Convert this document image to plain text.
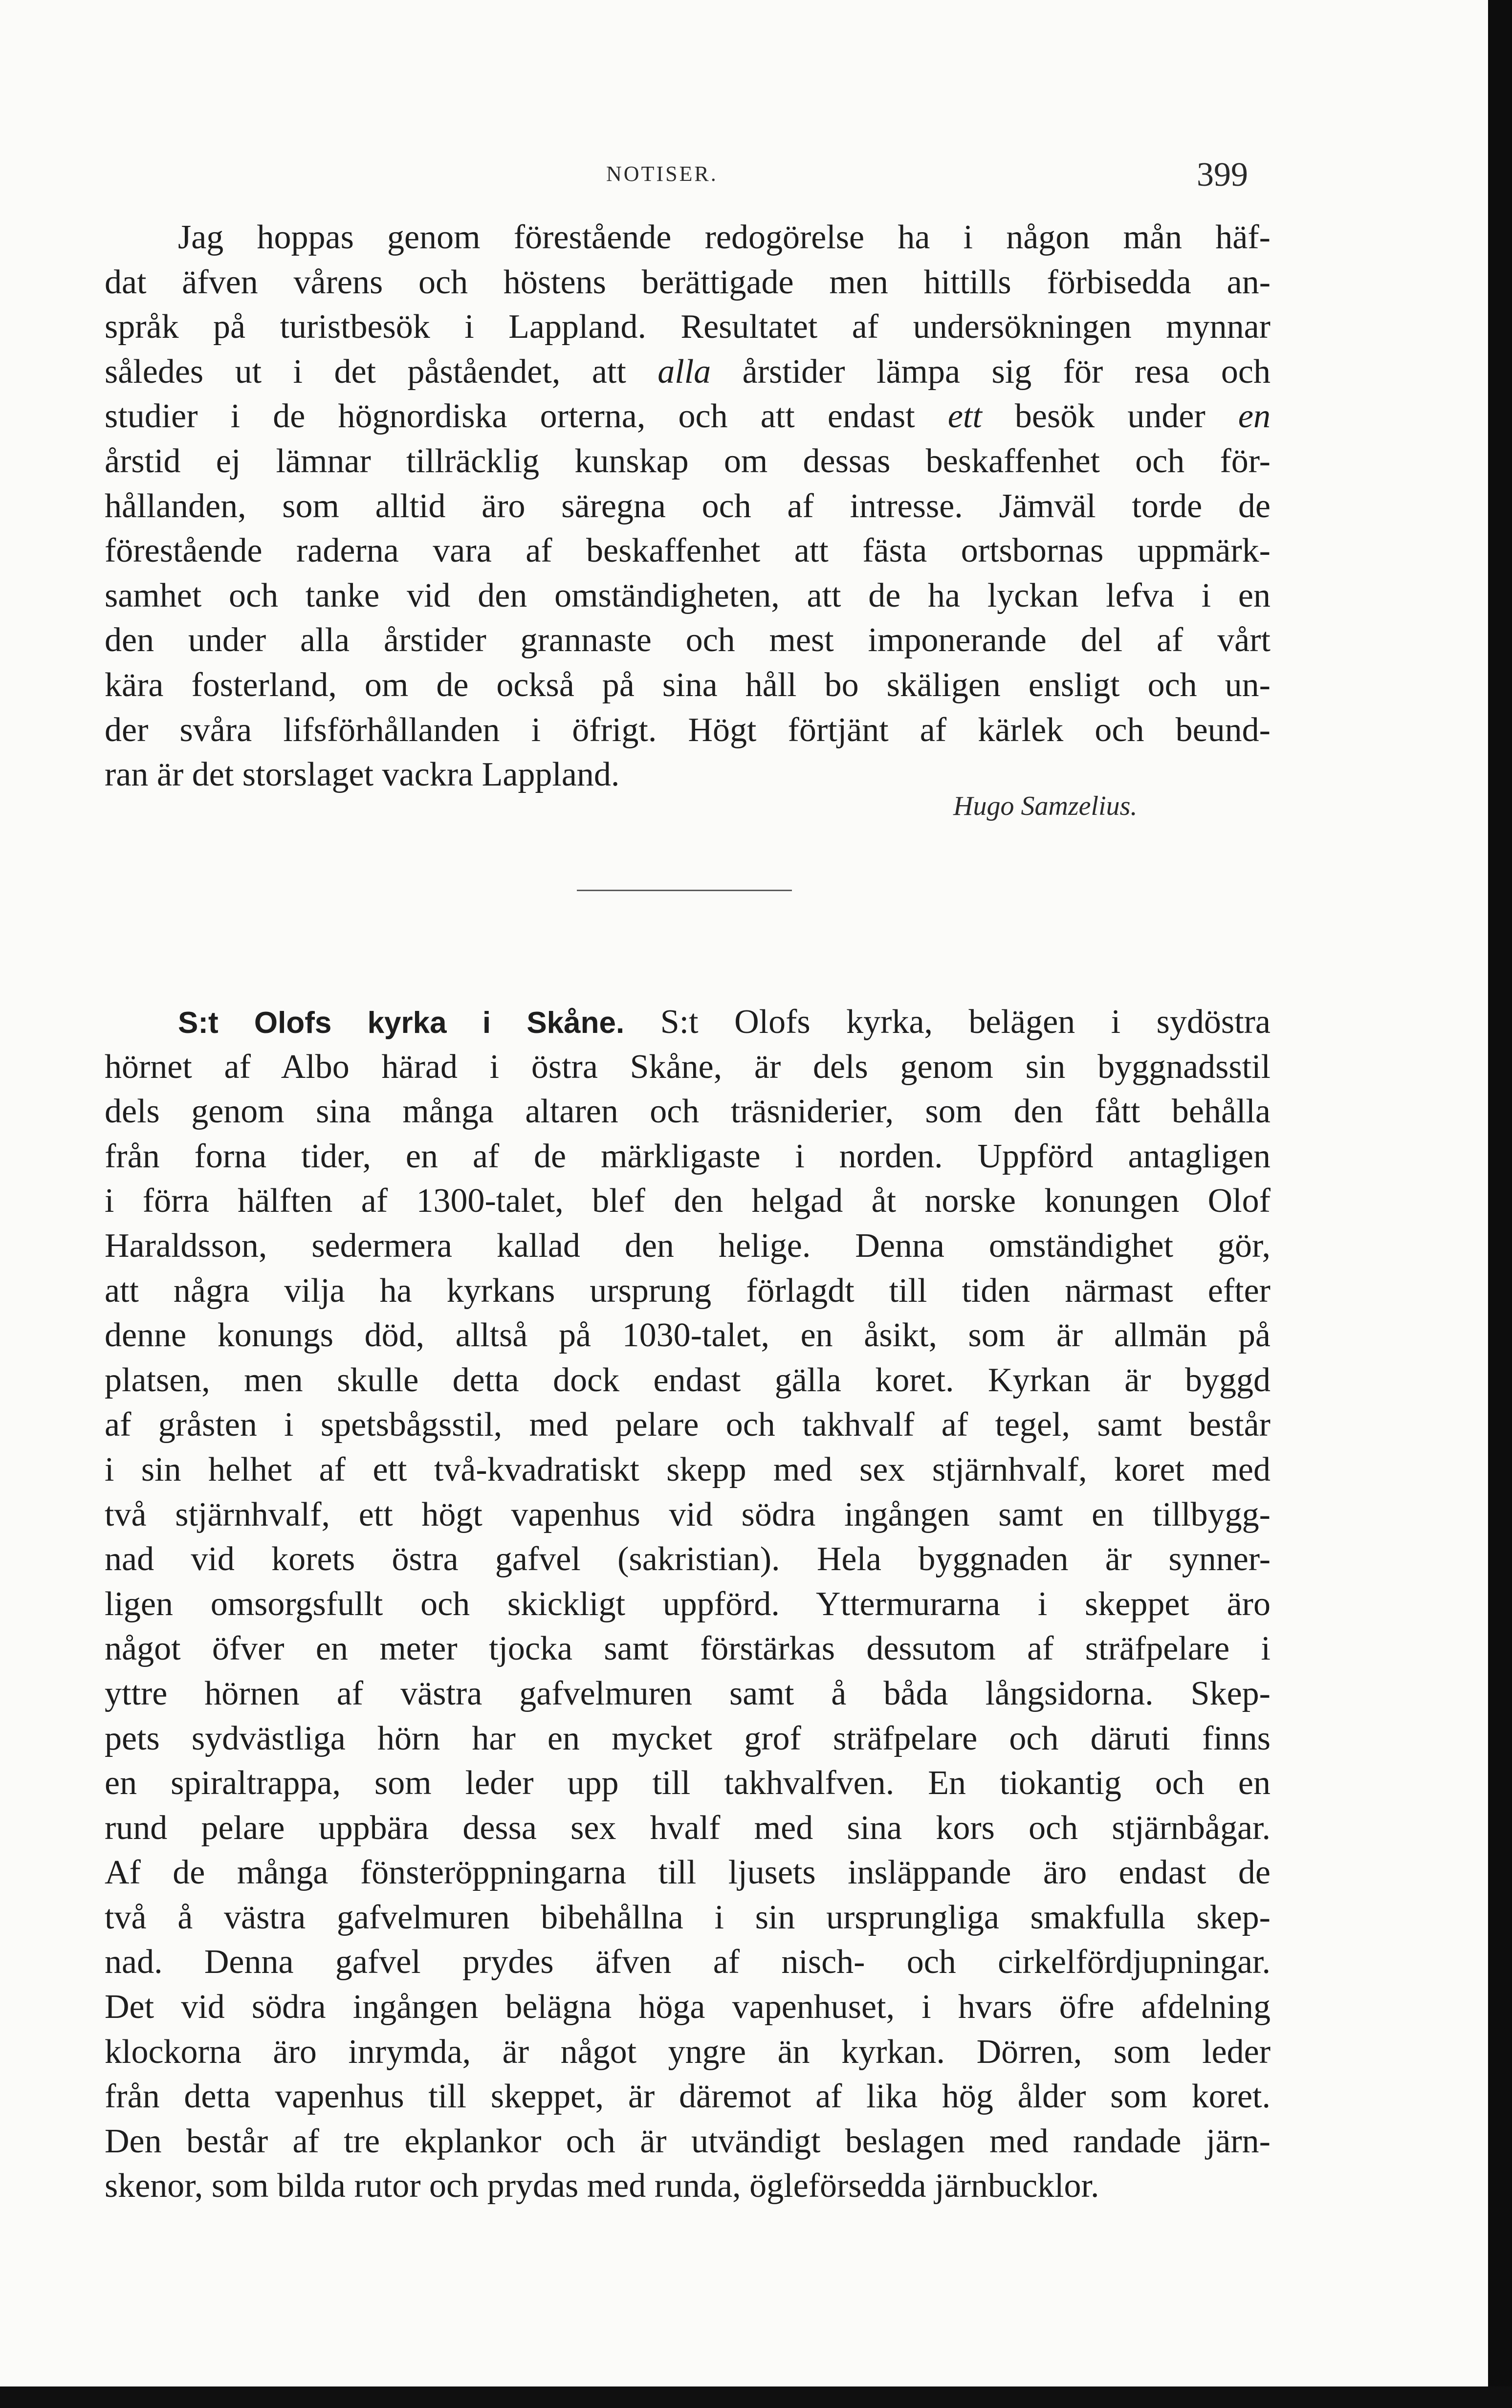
NOTISER.	399
Jag hoppas genom förestående redogörelse ha i någon mån häf-
dat äfven vårens och höstens berättigade men hittills förbisedda an-
språk på turistbesök i Lappland. Resultatet af undersökningen mynnar
således ut i det påståendet, att alla årstider lämpa sig för resa och
studier i de högnordiska orterna, och att endast ett besök under en
årstid ej lämnar tillräcklig kunskap om dessas beskaffenhet och för-
hållanden, som alltid äro säregna och af intresse. Jämväl torde de
förestående raderna vara af beskaffenhet att fästa ortsbornas uppmärk-
samhet och tanke vid den omständigheten, att de ha lyckan lefva i en
den under alla årstider grannaste och mest imponerande del af vårt
kära fosterland, om de också på sina håll bo skäligen ensligt och un-
der svåra lifsförhållanden i öfrigt. Högt förtjänt af kärlek och beund-
ran är det storslaget vackra Lappland.
Hugo Samzelius.
S:t Olofs kyrka i Skåne. S:t Olofs kyrka, belägen i sydöstra
hörnet af Albo härad i östra Skåne, är dels genom sin byggnadsstil
dels genom sina många altaren och träsniderier, som den fått behålla
från forna tider, en af de märkligaste i norden. Uppförd antagligen
i förra hälften af 1300-talet, blef den helgad åt norske konungen Olof
Haraldsson, sedermera kallad den helige. Denna omständighet gör,
att några vilja ha kyrkans ursprung förlagdt till tiden närmast efter
denne konungs död, alltså på 1030-talet, en åsikt, som är allmän på
platsen, men skulle detta dock endast gälla koret. Kyrkan är byggd
af gråsten i spetsbågsstil, med pelare och takhvalf af tegel, samt består
i sin helhet af ett två-kvadratiskt skepp med sex stjärnhvalf, koret med
två stjärnhvalf, ett högt vapenhus vid södra ingången samt en tillbygg-
nad vid korets östra gafvel (sakristian). Hela byggnaden är synner-
ligen omsorgsfullt och skickligt uppförd. Yttermurarna i skeppet äro
något öfver en meter tjocka samt förstärkas dessutom af sträfpelare i
yttre hörnen af västra gafvelmuren samt å båda långsidorna. Skep-
pets sydvästliga hörn har en mycket grof sträfpelare och däruti finns
en spiraltrappa, som leder upp till takhvalfven. En tiokantig och en
rund pelare uppbära dessa sex hvalf med sina kors och stjärnbågar.
Af de många fönsteröppningarna till ljusets insläppande äro endast de
två å västra gafvelmuren bibehållna i sin ursprungliga smakfulla skep-
nad. Denna gafvel prydes äfven af nisch- och cirkelfördjupningar.
Det vid södra ingången belägna höga vapenhuset, i hvars öfre afdelning
klockorna äro inrymda, är något yngre än kyrkan. Dörren, som leder
från detta vapenhus till skeppet, är däremot af lika hög ålder som koret.
Den består af tre ekplankor och är utvändigt beslagen med randade järn-
skenor, som bilda rutor och prydas med runda, ögleförsedda järnbucklor.
